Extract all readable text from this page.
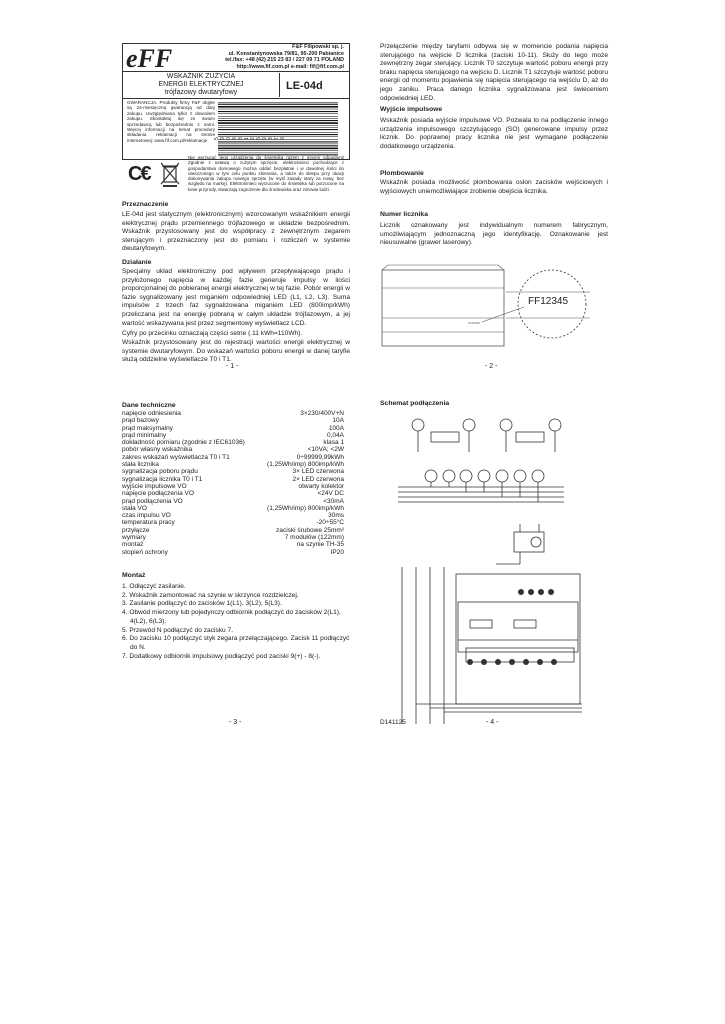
eFF	F&F Filipowski sp. j.
ul. Konstantynowska 79/81, 95-200 Pabianice
tel./fax: +48 (42) 215 23 83 / 227 09 71 POLAND
http://www.fif.com.pl e-mail: fif@fif.com.pl
WSKAŹNIK ZUŻYCIA
ENERGII ELEKTRYCZNEJ
trójfazowy dwutaryfowy
LE-04d
GWARANCJA. Produkty firmy F&F objęte są 24-miesięczną gwarancją od daty zakupu. Uwzględniana tylko z dowodem zakupu. Skontaktuj się ze swoim sprzedawcą lub bezpośrednio z nami. Więcej informacji na temat procedury składania reklamacji na stronie internetowej: www.fif.com.pl/reklamacje	5 9 0 8 3 1 2 5 9 3 7 9
C€
Nie wyrzucać tego urządzenia do śmietnika razem z innymi odpadami! Zgodnie z ustawą o zużytym sprzęcie, elektrośmieci pochodzące z gospodarstwa domowego można oddać bezpłatnie i w dowolnej ilości do utworzonego w tym celu punktu zbierania, a także do sklepu przy okazji dokonywania zakupu nowego sprzętu (w myśl zasady stary za nowy, bez względu na markę). Elektrośmieci wyrzucone do śmietnika lub porzucone na łonie przyrody, stwarzają zagrożenie dla środowiska oraz zdrowia ludzi.
Przeznaczenie
LE-04d jest statycznym (elektronicznym) wzorcowanym wskaźnikiem energii elektrycznej prądu przemiennego trójfazowego w układzie bezpośrednim. Wskaźnik przystosowany jest do współpracy z zewnętrznym zegarem sterującym i przeznaczony jest do pomiaru i rozliczeń w systemie dwutaryfowym.
Działanie
Specjalny układ elektroniczny pod wpływem przepływającego prądu i przyłożonego napięcia w każdej fazie generuje impulsy w ilości proporcjonalnej do pobieranej energii elektrycznej w tej fazie. Pobór energii w fazie sygnalizowany jest miganiem odpowiedniej LED (L1, L2, L3). Suma impulsów z trzech faz sygnalizowana miganiem LED (800imp/kWh) przeliczana jest na energię pobraną w całym układzie trójfazowym, a jej wartość wskazywana jest przez segmentowy wyświetlacz LCD.
Cyfry po przecinku oznaczają części setne (.11 kWh=110Wh).
Wskaźnik przystosowany jest do rejestracji wartości energii elektrycznej w systemie dwutaryfowym. Do wskazań wartości poboru energii w danej taryfie służą oddzielne wyświetlacze T0 i T1.
- 1 -
Przełączenie między taryfami odbywa się w momencie podania napięcia sterującego na wejście D licznika (zaciski 10-11). Służy do tego może zewnętrzny zegar sterujący. Licznik T0 szczytuje wartość poboru energii przy braku napięcia sterującego na wejściu D. Licznik T1 szczytuje wartość poboru energii od momentu pojawienia się napięcia sterującego na wejściu D, aż do jego zaniku. Praca danego licznika sygnalizowana jest świeceniem odpowiedniej LED.
Wyjście impulsowe
Wskaźnik posiada wyjście impulsowe VO. Pozwala to na podłączenie innego urządzenia impulsowego szczytującego (SO) generowane impulsy przez licznik. Do poprawnej pracy licznika nie jest wymagane podłączenie dodatkowego urządzenia.
Plombowanie
Wskaźnik posiada możliwość plombowania osłon zacisków wejściowych i wyjściowych uniemożliwiające zrobienie obejścia licznika.
Numer licznika
Licznik oznakowany jest indywidualnym numerem fabrycznym, umożliwiającym jednoznaczną jego identyfikację. Oznakowanie jest nieusuwalne (grawer laserowy).
FF12345
FF12345
- 2 -
Dane techniczne
napięcie odniesienia	3×230/400V+N
prąd bazowy	10A
prąd maksymalny	100A
prąd minimalny	0,04A
dokładność pomiaru (zgodnie z IEC61036)	klasa 1
pobór własny wskaźnika	<10VA; <2W
zakres wskazań wyświetlacza T0 i T1	0÷99999,99kWh
stała licznika	(1,25Wh/imp) 800imp/kWh
sygnalizacja poboru prądu	3× LED czerwona
sygnalizacja licznika T0 i T1	2× LED czerwona
wyjście impulsowe VO	otwarty kolektor
napięcie podłączenia VO	<24V DC
prąd podłączenia VO	<30mA
stała VO	(1,25Wh/imp) 800imp/kWh
czas impulsu VO	30ms
temperatura pracy	-20÷55°C
przyłącze	zaciski śrubowe 25mm²
wymiary	7 modułów (122mm)
montaż	na szynie TH-35
stopień ochrony	IP20
Montaż
1. Odłączyć zasilanie.
2. Wskaźnik zamontować na szynie w skrzynce rozdzielczej.
3. Zasilanie podłączyć do zacisków 1(L1), 3(L2), 5(L3).
4. Obwód mierzony lub pojedynczy odbiornik podłączyć do zacisków 2(L1), 4(L2), 6(L3).
5. Przewód N podłączyć do zacisku 7.
6. Do zacisku 10 podłączyć styk zegara przełączającego. Zacisk 11 podłączyć do N.
7. Dodatkowy odbiornik impulsowy podłączyć pod zaciski 9(+) - 8(-).
- 3 -
Schemat podłączenia
D141125	- 4 -
